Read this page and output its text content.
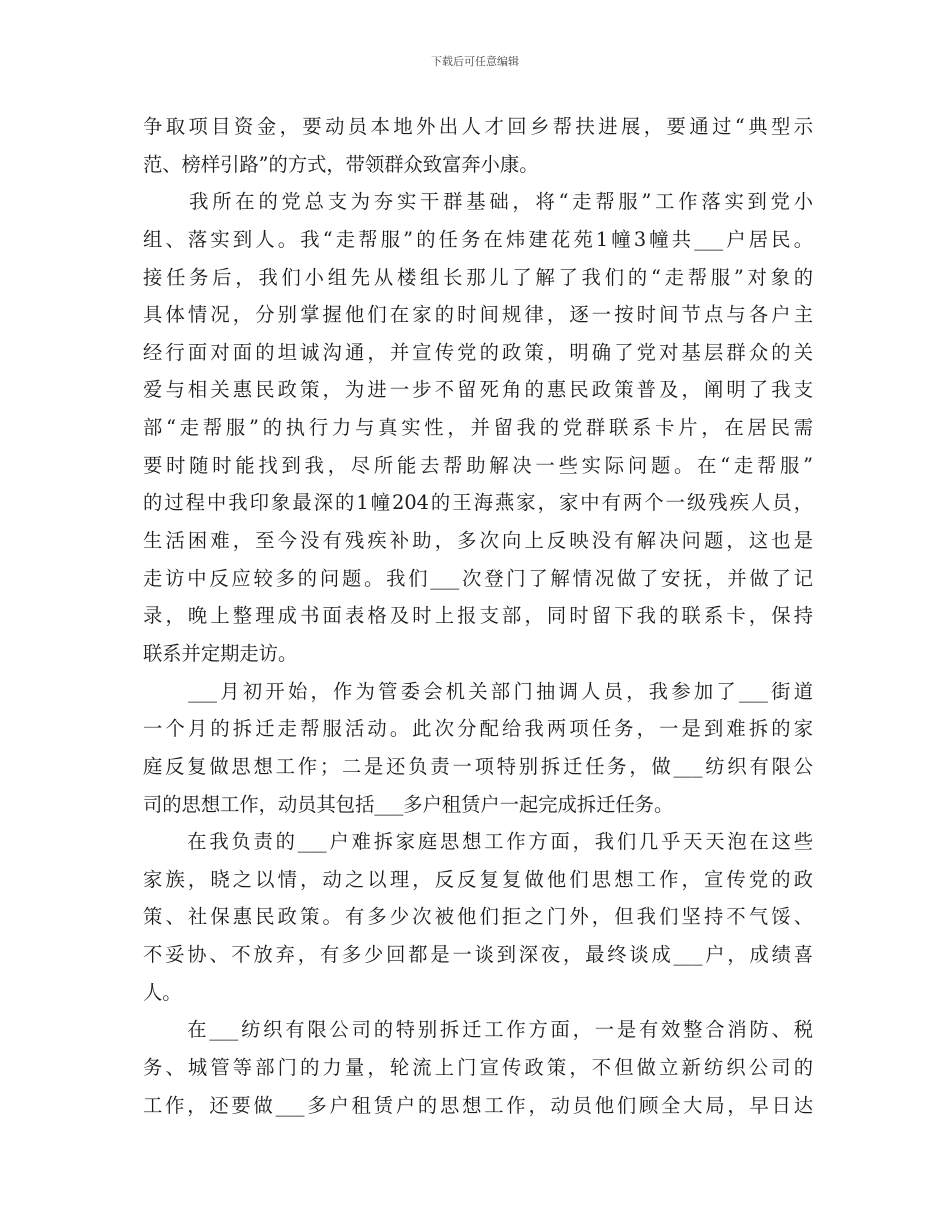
下载后可任意编辑
争取项目资金，要动员本地外出人才回乡帮扶进展，要通过“典型示
范、榜样引路”的方式，带领群众致富奔小康。
　　我所在的党总支为夯实干群基础，将“走帮服”工作落实到党小
组、落实到人。我“走帮服”的任务在炜建花苑1幢3幢共___户居民。
接任务后，我们小组先从楼组长那儿了解了我们的“走帮服”对象的
具体情况，分别掌握他们在家的时间规律，逐一按时间节点与各户主
经行面对面的坦诚沟通，并宣传党的政策，明确了党对基层群众的关
爱与相关惠民政策，为进一步不留死角的惠民政策普及，阐明了我支
部“走帮服”的执行力与真实性，并留我的党群联系卡片，在居民需
要时随时能找到我，尽所能去帮助解决一些实际问题。在“走帮服”
的过程中我印象最深的1幢204的王海燕家，家中有两个一级残疾人员，
生活困难，至今没有残疾补助，多次向上反映没有解决问题，这也是
走访中反应较多的问题。我们___次登门了解情况做了安抚，并做了记
录，晚上整理成书面表格及时上报支部，同时留下我的联系卡，保持
联系并定期走访。
　　___月初开始，作为管委会机关部门抽调人员，我参加了___街道
一个月的拆迁走帮服活动。此次分配给我两项任务，一是到难拆的家
庭反复做思想工作；二是还负责一项特别拆迁任务，做___纺织有限公
司的思想工作，动员其包括___多户租赁户一起完成拆迁任务。
　　在我负责的___户难拆家庭思想工作方面，我们几乎天天泡在这些
家族，晓之以情，动之以理，反反复复做他们思想工作，宣传党的政
策、社保惠民政策。有多少次被他们拒之门外，但我们坚持不气馁、
不妥协、不放弃，有多少回都是一谈到深夜，最终谈成___户，成绩喜
人。
　　在___纺织有限公司的特别拆迁工作方面，一是有效整合消防、税
务、城管等部门的力量，轮流上门宣传政策，不但做立新纺织公司的
工作，还要做___多户租赁户的思想工作，动员他们顾全大局，早日达
